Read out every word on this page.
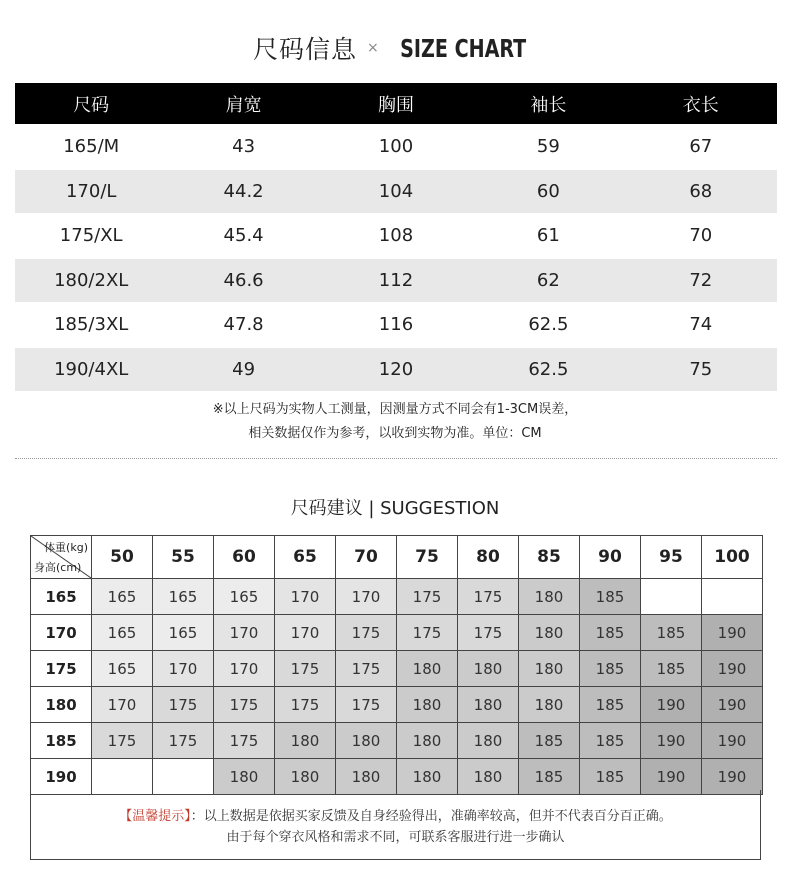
尺码信息 × SIZE CHART
尺码	肩宽	胸围	袖长	衣长
165/M	43	100	59	67
170/L	44.2	104	60	68
175/XL	45.4	108	61	70
180/2XL	46.6	112	62	72
185/3XL	47.8	116	62.5	74
190/4XL	49	120	62.5	75
※以上尺码为实物人工测量，因测量方式不同会有1-3CM误差，
相关数据仅作为参考，以收到实物为准。单位：CM
尺码建议 | SUGGESTION
体重(kg)
身高(cm)	50	55	60	65	70	75	80	85	90	95	100
165	165	165	165	170	170	175	175	180	185		
170	165	165	170	170	175	175	175	180	185	185	190
175	165	170	170	175	175	180	180	180	185	185	190
180	170	175	175	175	175	180	180	180	185	190	190
185	175	175	175	180	180	180	180	185	185	190	190
190			180	180	180	180	180	185	185	190	190
【温馨提示】：以上数据是依据买家反馈及自身经验得出，准确率较高，但并不代表百分百正确。
由于每个穿衣风格和需求不同，可联系客服进行进一步确认
